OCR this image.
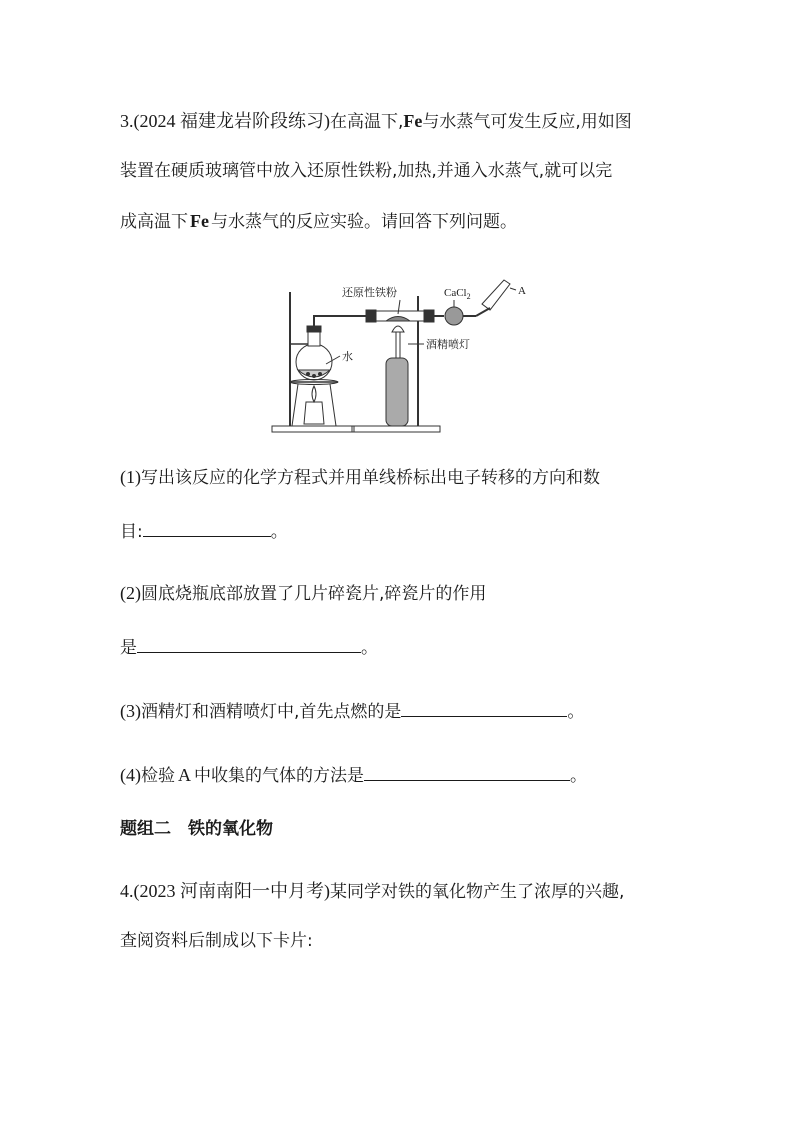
3.(2024 福建龙岩阶段练习)在高温下,Fe与水蒸气可发生反应,用如图
装置在硬质玻璃管中放入还原性铁粉,加热,并通入水蒸气,就可以完
成高温下 Fe 与水蒸气的反应实验。请回答下列问题。
水
还原性铁粉
酒精喷灯
CaCl$_2$	A
(1)写出该反应的化学方程式并用单线桥标出电子转移的方向和数
目:	。
(2)圆底烧瓶底部放置了几片碎瓷片,碎瓷片的作用
是	。
(3)酒精灯和酒精喷灯中,首先点燃的是	。
(4)检验 A 中收集的气体的方法是	。
题组二　铁的氧化物
4.(2023 河南南阳一中月考)某同学对铁的氧化物产生了浓厚的兴趣,
查阅资料后制成以下卡片:
